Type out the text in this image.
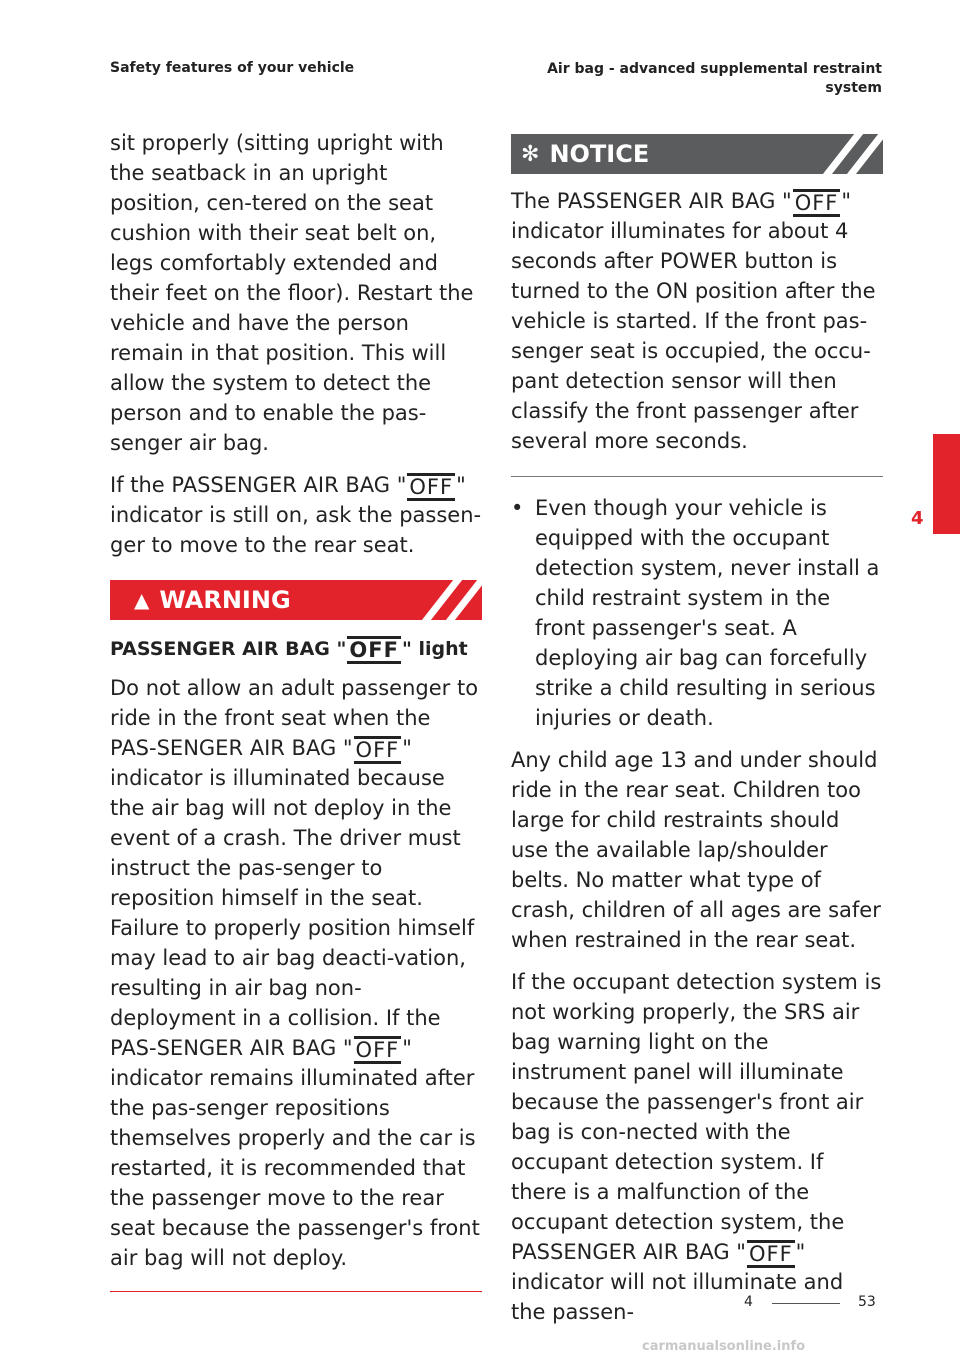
Safety features of your vehicle	Air bag - advanced supplemental restraint
system

sit properly (sitting upright with the seatback in an upright position, cen-tered on the seat cushion with their seat belt on, legs comfortably extended and their feet on the floor). Restart the vehicle and have the person remain in that position. This will allow the system to detect the person and to enable the pas-senger air bag.

If the PASSENGER AIR BAG " OFF " indicator is still on, ask the passen-ger to move to the rear seat.

▲ WARNING
PASSENGER AIR BAG " OFF " light

Do not allow an adult passenger to ride in the front seat when the PAS-SENGER AIR BAG " OFF " indicator is illuminated because the air bag will not deploy in the event of a crash. The driver must instruct the pas-senger to reposition himself in the seat. Failure to properly position himself may lead to air bag deacti-vation, resulting in air bag non-deployment in a collision. If the PAS-SENGER AIR BAG " OFF " indicator remains illuminated after the pas-senger repositions themselves properly and the car is restarted, it is recommended that the passenger move to the rear seat because the passenger's front air bag will not deploy.

✻ NOTICE

The PASSENGER AIR BAG " OFF " indicator illuminates for about 4 seconds after POWER button is turned to the ON position after the vehicle is started. If the front pas-senger seat is occupied, the occu-pant detection sensor will then classify the front passenger after several more seconds.

• Even though your vehicle is equipped with the occupant detection system, never install a child restraint system in the front passenger's seat. A deploying air bag can forcefully strike a child resulting in serious injuries or death.

Any child age 13 and under should ride in the rear seat. Children too large for child restraints should use the available lap/shoulder belts. No matter what type of crash, children of all ages are safer when restrained in the rear seat.

If the occupant detection system is not working properly, the SRS air bag warning light on the instrument panel will illuminate because the passenger's front air bag is con-nected with the occupant detection system. If there is a malfunction of the occupant detection system, the PASSENGER AIR BAG " OFF " indicator will not illuminate and the passen-

4
4	53
carmanualsonline.info
